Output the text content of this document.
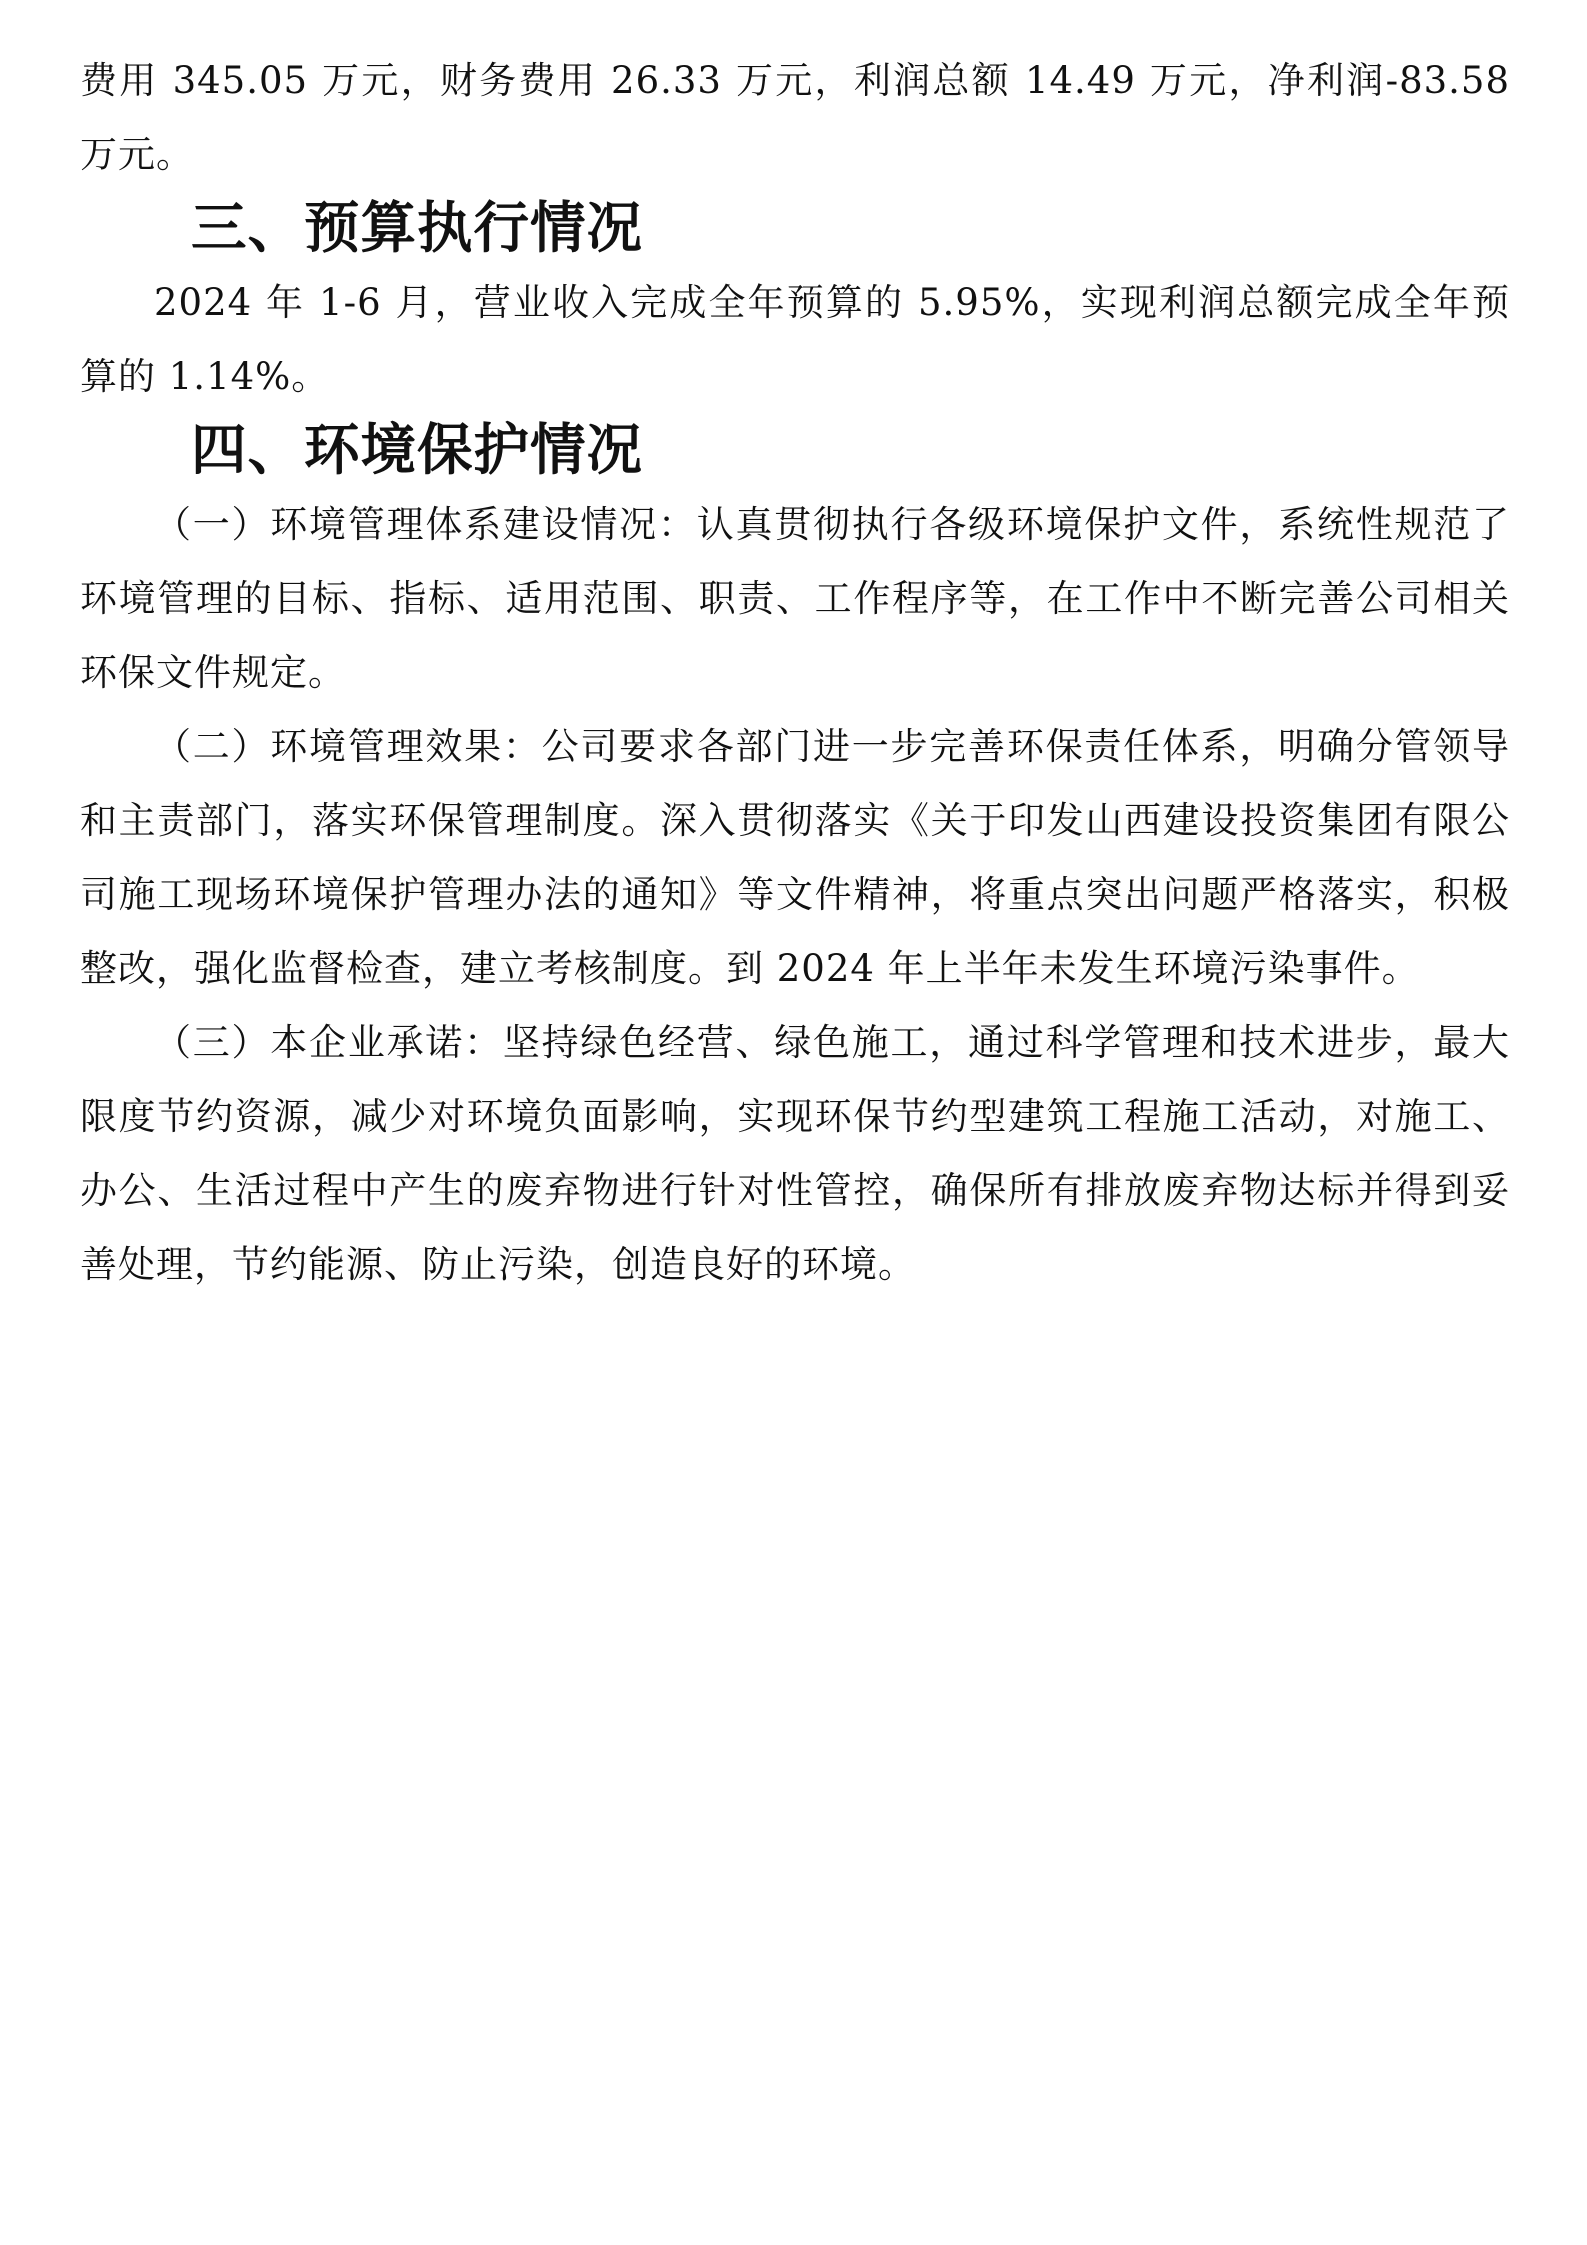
费用 345.05 万元，财务费用 26.33 万元，利润总额 14.49 万元，净利润-83.58 万元。

三、预算执行情况

2024 年 1-6 月，营业收入完成全年预算的 5.95%，实现利润总额完成全年预算的 1.14%。

四、环境保护情况

（一）环境管理体系建设情况：认真贯彻执行各级环境保护文件，系统性规范了环境管理的目标、指标、适用范围、职责、工作程序等，在工作中不断完善公司相关环保文件规定。

（二）环境管理效果：公司要求各部门进一步完善环保责任体系，明确分管领导和主责部门，落实环保管理制度。深入贯彻落实《关于印发山西建设投资集团有限公司施工现场环境保护管理办法的通知》等文件精神，将重点突出问题严格落实，积极整改，强化监督检查，建立考核制度。到 2024 年上半年未发生环境污染事件。

（三）本企业承诺：坚持绿色经营、绿色施工，通过科学管理和技术进步，最大限度节约资源，减少对环境负面影响，实现环保节约型建筑工程施工活动，对施工、办公、生活过程中产生的废弃物进行针对性管控，确保所有排放废弃物达标并得到妥善处理，节约能源、防止污染，创造良好的环境。
